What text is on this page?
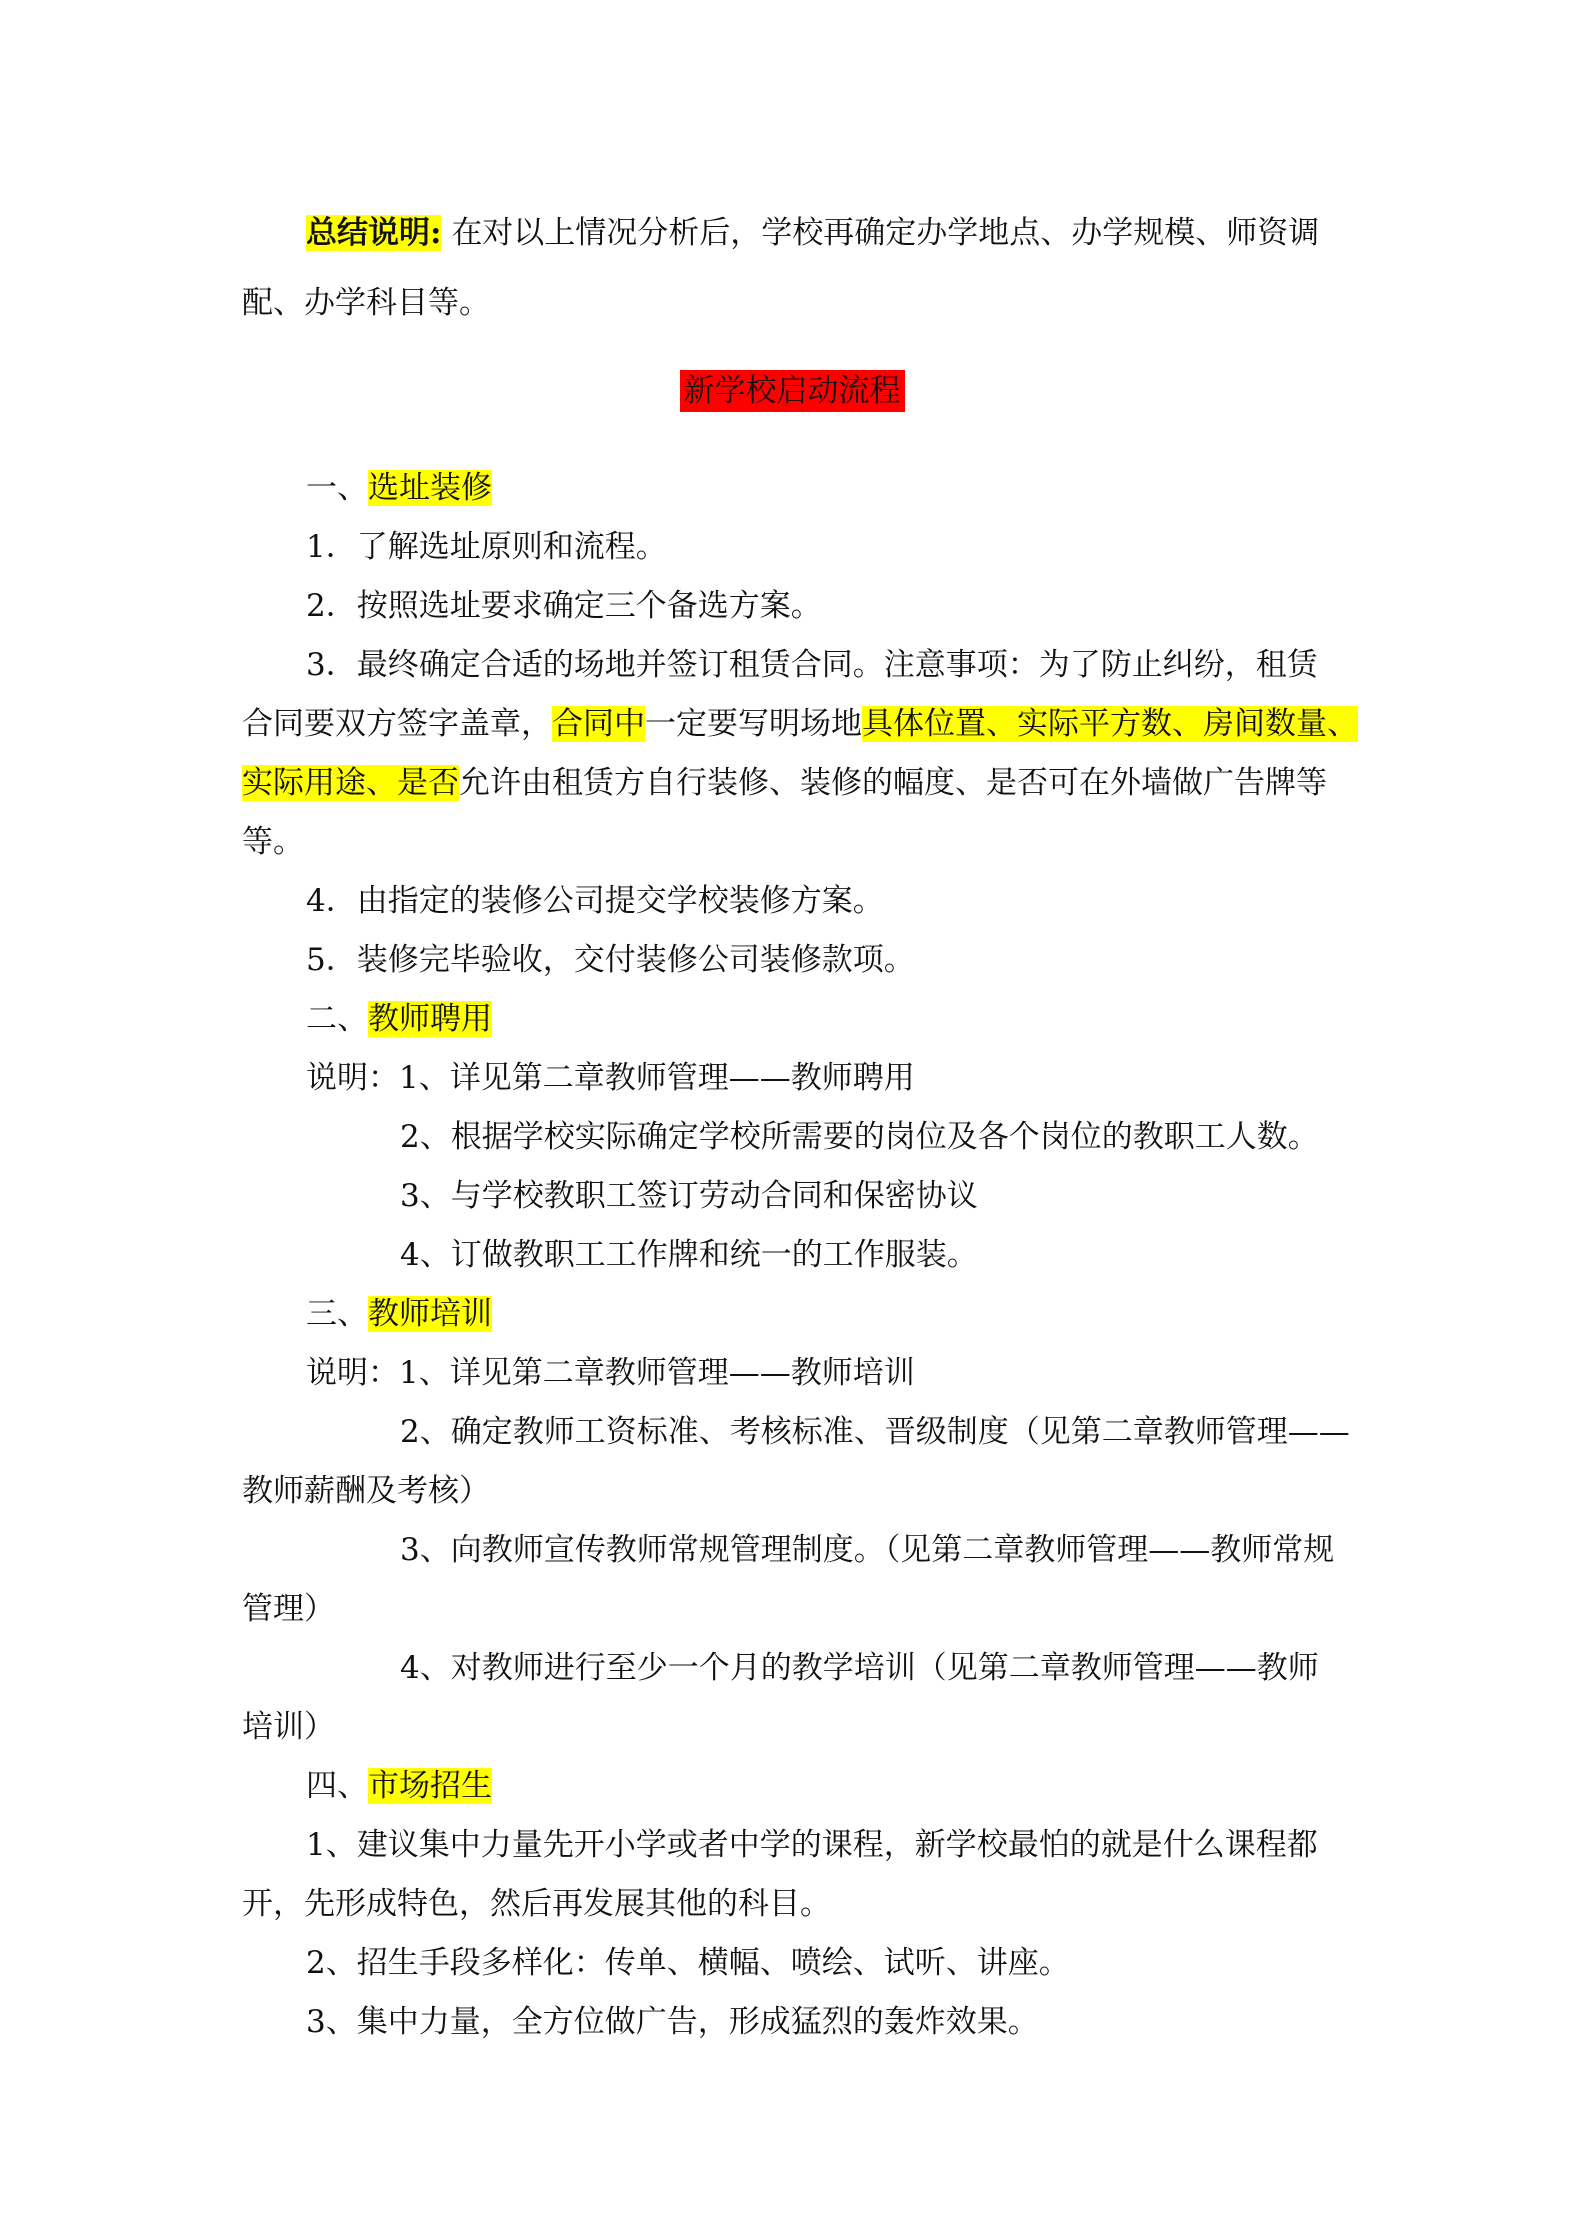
总结说明: 在对以上情况分析后，学校再确定办学地点、办学规模、师资调
配、办学科目等。
新学校启动流程
一、选址装修
1．了解选址原则和流程。
2．按照选址要求确定三个备选方案。
3．最终确定合适的场地并签订租赁合同。注意事项：为了防止纠纷，租赁
合同要双方签字盖章，合同中一定要写明场地具体位置、实际平方数、房间数量、
实际用途、是否允许由租赁方自行装修、装修的幅度、是否可在外墙做广告牌等
等。
4．由指定的装修公司提交学校装修方案。
5．装修完毕验收，交付装修公司装修款项。
二、教师聘用
说明：1、详见第二章教师管理——教师聘用
2、根据学校实际确定学校所需要的岗位及各个岗位的教职工人数。
3、与学校教职工签订劳动合同和保密协议
4、订做教职工工作牌和统一的工作服装。
三、教师培训
说明：1、详见第二章教师管理——教师培训
2、确定教师工资标准、考核标准、晋级制度（见第二章教师管理——
教师薪酬及考核）
3、向教师宣传教师常规管理制度。（见第二章教师管理——教师常规
管理）
4、对教师进行至少一个月的教学培训（见第二章教师管理——教师
培训）
四、市场招生
1、建议集中力量先开小学或者中学的课程，新学校最怕的就是什么课程都
开，先形成特色，然后再发展其他的科目。
2、招生手段多样化：传单、横幅、喷绘、试听、讲座。
3、集中力量，全方位做广告，形成猛烈的轰炸效果。
